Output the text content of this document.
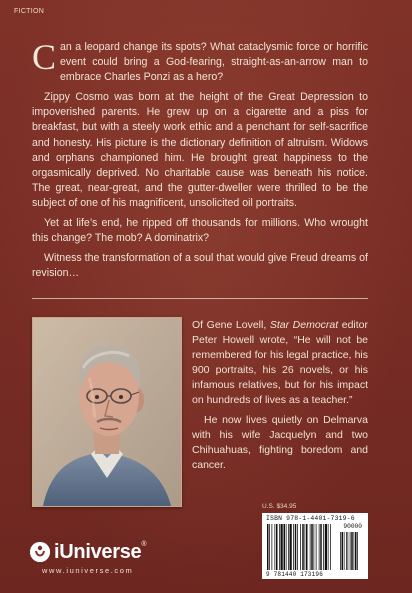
FICTION

Can a leopard change its spots? What cataclysmic force or horrific event could bring a God-fearing, straight-as-an-arrow man to embrace Charles Ponzi as a hero?

Zippy Cosmo was born at the height of the Great Depression to impoverished parents. He grew up on a cigarette and a piss for breakfast, but with a steely work ethic and a penchant for self-sacrifice and honesty. His picture is the dictionary definition of altruism. Widows and orphans championed him. He brought great happiness to the orgasmically deprived. No charitable cause was beneath his notice. The great, near-great, and the gutter-dweller were thrilled to be the subject of one of his magnificent, unsolicited oil portraits.

Yet at life’s end, he ripped off thousands for millions. Who wrought this change? The mob? A dominatrix?

Witness the transformation of a soul that would give Freud dreams of revision…

Of Gene Lovell, Star Democrat editor Peter Howell wrote, “He will not be remembered for his legal practice, his 900 portraits, his 26 novels, or his infamous relatives, but for his impact on hundreds of lives as a teacher.”

He now lives quietly on Delmarva with his wife Jacquelyn and two Chihuahuas, fighting boredom and cancer.

U.S. $34.95
ISBN 978-1-4401-7319-6
90000
9 781440 173196
iUniverse ®
www.iuniverse.com
